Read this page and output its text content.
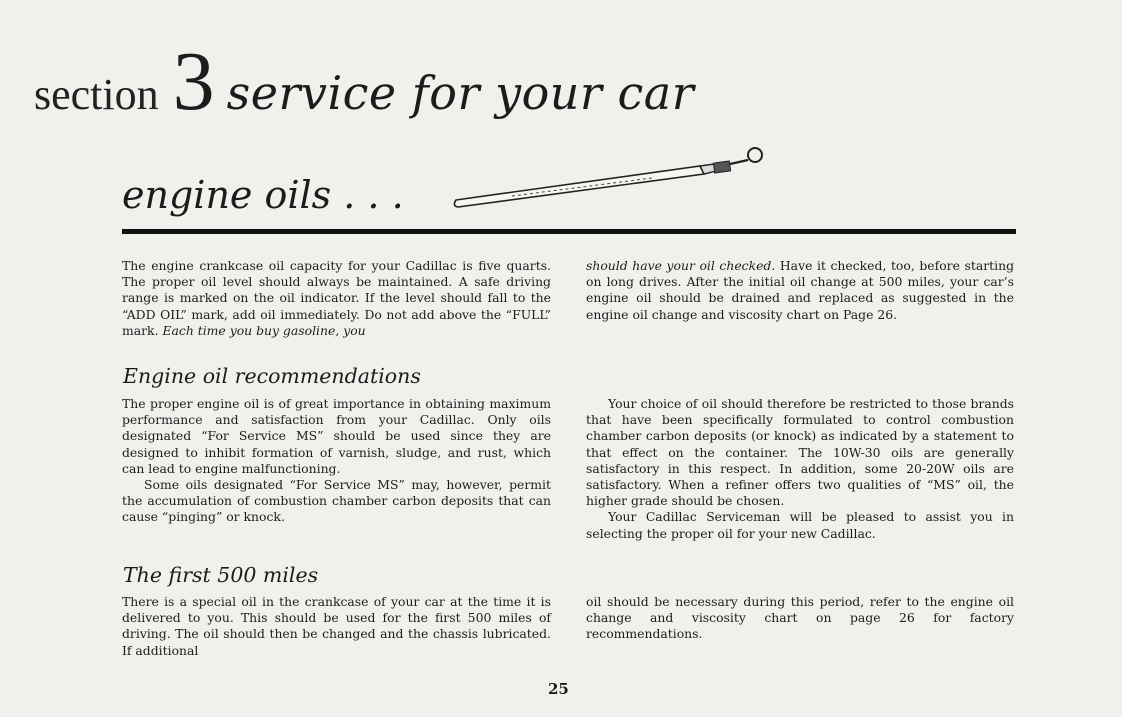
section 3 service for your car
engine oils . . .

The engine crankcase oil capacity for your Cadillac is five quarts. The proper oil level should always be maintained. A safe driving range is marked on the oil indicator. If the level should fall to the “ADD OIL” mark, add oil immediately. Do not add above the “FULL” mark. Each time you buy gasoline, you

should have your oil checked. Have it checked, too, before starting on long drives. After the initial oil change at 500 miles, your car’s engine oil should be drained and replaced as suggested in the engine oil change and viscosity chart on Page 26.

Engine oil recommendations

The proper engine oil is of great importance in obtaining maximum performance and satisfaction from your Cadillac. Only oils designated “For Service MS” should be used since they are designed to inhibit formation of varnish, sludge, and rust, which can lead to engine malfunctioning.

Some oils designated “For Service MS” may, however, permit the accumulation of combustion chamber carbon deposits that can cause “pinging” or knock.

Your choice of oil should therefore be restricted to those brands that have been specifically formulated to control combustion chamber carbon deposits (or knock) as indicated by a statement to that effect on the container. The 10W-30 oils are generally satisfactory in this respect. In addition, some 20-20W oils are satisfactory. When a refiner offers two qualities of “MS” oil, the higher grade should be chosen.

Your Cadillac Serviceman will be pleased to assist you in selecting the proper oil for your new Cadillac.

The first 500 miles

There is a special oil in the crankcase of your car at the time it is delivered to you. This should be used for the first 500 miles of driving. The oil should then be changed and the chassis lubricated. If additional

oil should be necessary during this period, refer to the engine oil change and viscosity chart on page 26 for factory recommendations.

25
